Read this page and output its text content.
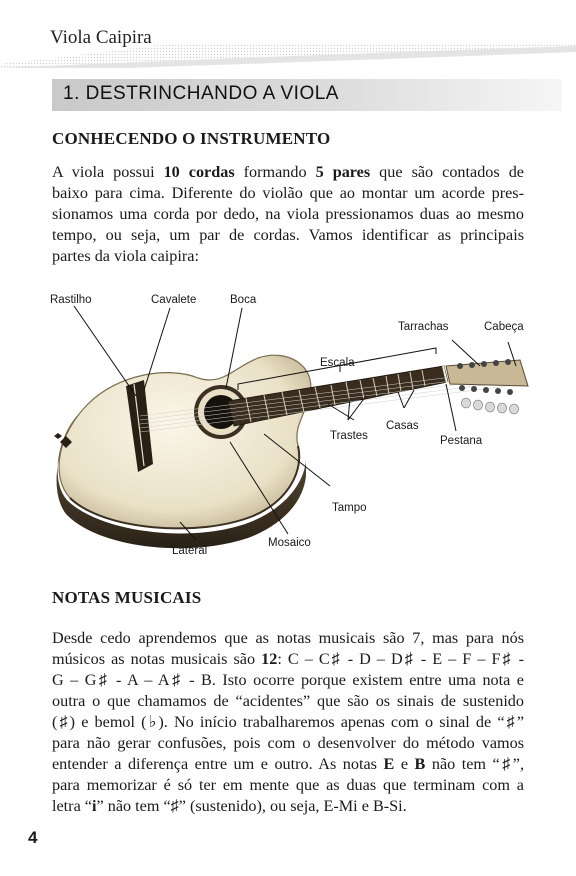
Viola Caipira
1. DESTRINCHANDO A VIOLA
CONHECENDO O INSTRUMENTO
A viola possui 10 cordas formando 5 pares que são contados de
baixo para cima. Diferente do violão que ao montar um acorde pres-
sionamos uma corda por dedo, na viola pressionamos duas ao mesmo
tempo, ou seja, um par de cordas. Vamos identificar as principais
partes da viola caipira:
Rastilho	Cavalete	Boca
Tarrachas	Cabeça
Escala
Casas
Trastes	Pestana
Tampo
Mosaico
Lateral
NOTAS MUSICAIS
Desde cedo aprendemos que as notas musicais são 7, mas para nós
músicos as notas musicais são 12: C – C♯ - D – D♯ - E – F – F♯ -
G – G♯ - A – A♯ - B. Isto ocorre porque existem entre uma nota e
outra o que chamamos de “acidentes” que são os sinais de sustenido
(♯) e bemol (♭). No início trabalharemos apenas com o sinal de “♯”
para não gerar confusões, pois com o desenvolver do método vamos
entender a diferença entre um e outro. As notas E e B não tem “♯”,
para memorizar é só ter em mente que as duas que terminam com a
letra “i” não tem “♯” (sustenido), ou seja, E-Mi e B-Si.
4
